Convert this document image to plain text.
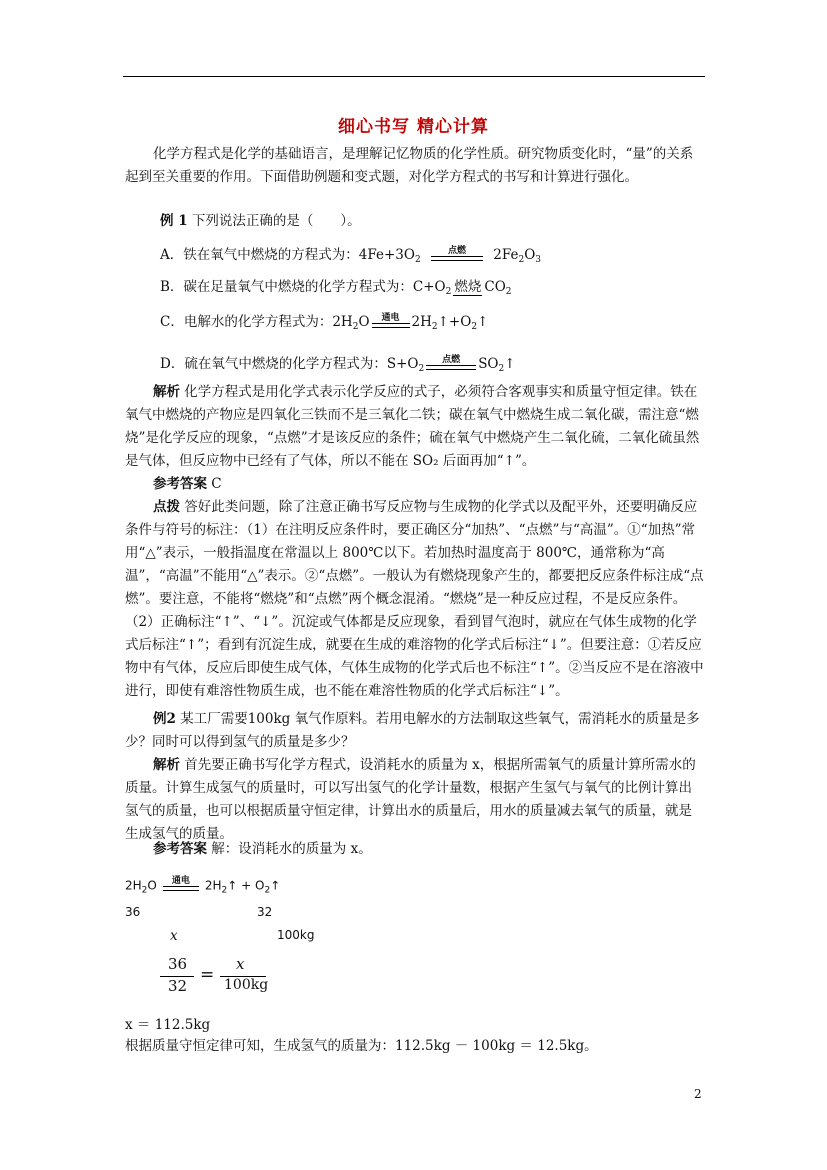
细心书写 精心计算
化学方程式是化学的基础语言，是理解记忆物质的化学性质。研究物质变化时，“量”的关系起到至关重要的作用。下面借助例题和变式题，对化学方程式的书写和计算进行强化。
例 1 下列说法正确的是（　　）。
A．铁在氧气中燃烧的方程式为：$4Fe+3O_2$
点燃	$2Fe_2O_3$
B．碳在足量氧气中燃烧的化学方程式为：$C+O_2$ 燃烧 $CO_2$
C．电解水的化学方程式为：$2H_2O$	通电 $2H_2↑+O_2↑$
D．硫在氧气中燃烧的化学方程式为：$S+O_2$
点燃	$SO_2↑$
解析 化学方程式是用化学式表示化学反应的式子，必须符合客观事实和质量守恒定律。铁在氧气中燃烧的产物应是四氧化三铁而不是三氧化二铁；碳在氧气中燃烧生成二氧化碳，需注意“燃烧”是化学反应的现象，“点燃”才是该反应的条件；硫在氧气中燃烧产生二氧化硫，二氧化硫虽然是气体，但反应物中已经有了气体，所以不能在 SO₂ 后面再加“↑”。
参考答案 C
点拨 答好此类问题，除了注意正确书写反应物与生成物的化学式以及配平外，还要明确反应条件与符号的标注：（1）在注明反应条件时，要正确区分“加热”、“点燃”与“高温”。①“加热”常用“△”表示，一般指温度在常温以上 800℃以下。若加热时温度高于 800℃，通常称为“高温”，“高温”不能用“△”表示。②“点燃”。一般认为有燃烧现象产生的，都要把反应条件标注成“点燃”。要注意，不能将“燃烧”和“点燃”两个概念混淆。“燃烧”是一种反应过程，不是反应条件。（2）正确标注“↑”、“↓”。沉淀或气体都是反应现象，看到冒气泡时，就应在气体生成物的化学式后标注“↑”；看到有沉淀生成，就要在生成的难溶物的化学式后标注“↓”。但要注意：①若反应物中有气体，反应后即使生成气体，气体生成物的化学式后也不标注“↑”。②当反应不是在溶液中进行，即使有难溶性物质生成，也不能在难溶性物质的化学式后标注“↓”。
例2 某工厂需要100kg 氧气作原料。若用电解水的方法制取这些氧气，需消耗水的质量是多少？同时可以得到氢气的质量是多少？
解析 首先要正确书写化学方程式，设消耗水的质量为 x，根据所需氧气的质量计算所需水的质量。计算生成氢气的质量时，可以写出氢气的化学计量数，根据产生氢气与氧气的比例计算出氢气的质量，也可以根据质量守恒定律，计算出水的质量后，用水的质量减去氧气的质量，就是生成氢气的质量。
参考答案 解：设消耗水的质量为 x。
$2H_2O$	通电	$2H_2↑$ + $O_2↑$
36	32
x	100kg
36
32
=
x
100kg
x ＝ 112.5kg
根据质量守恒定律可知，生成氢气的质量为：112.5kg － 100kg ＝ 12.5kg。
2
